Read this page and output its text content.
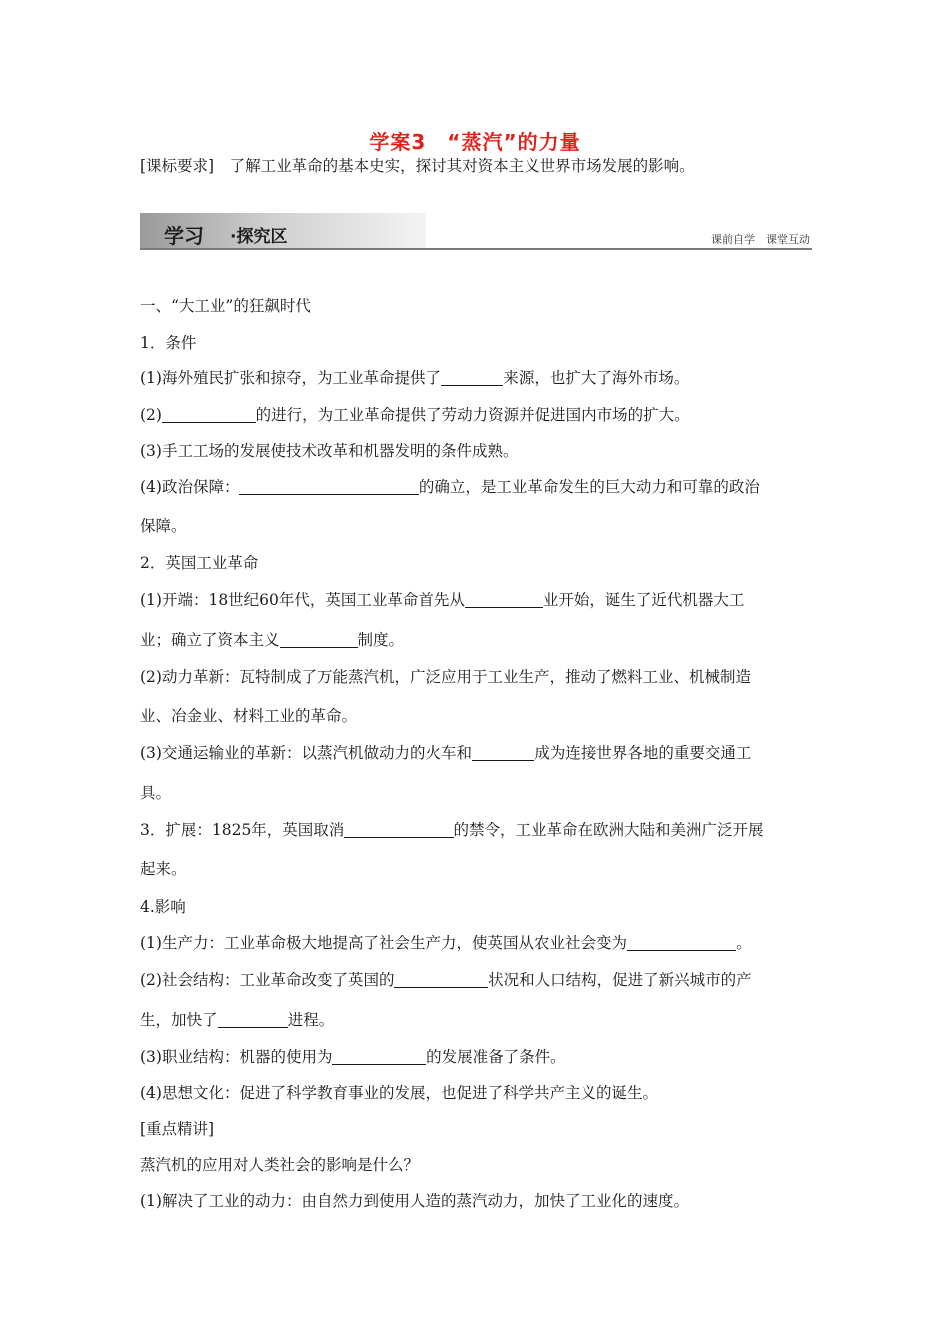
学案3　“蒸汽”的力量
[课标要求]　了解工业革命的基本史实，探讨其对资本主义世界市场发展的影响。
学习 ·探究区	课前自学　课堂互动
一、“大工业”的狂飙时代
1．条件
(1)海外殖民扩张和掠夺，为工业革命提供了	来源，也扩大了海外市场。
(2)	的进行，为工业革命提供了劳动力资源并促进国内市场的扩大。
(3)手工工场的发展使技术改革和机器发明的条件成熟。
(4)政治保障：	的确立，是工业革命发生的巨大动力和可靠的政治
保障。
2．英国工业革命
(1)开端：18世纪60年代，英国工业革命首先从	业开始，诞生了近代机器大工
业；确立了资本主义	制度。
(2)动力革新：瓦特制成了万能蒸汽机，广泛应用于工业生产，推动了燃料工业、机械制造
业、冶金业、材料工业的革命。
(3)交通运输业的革新：以蒸汽机做动力的火车和	成为连接世界各地的重要交通工
具。
3．扩展：1825年，英国取消	的禁令，工业革命在欧洲大陆和美洲广泛开展
起来。
4.影响
(1)生产力：工业革命极大地提高了社会生产力，使英国从农业社会变为	。
(2)社会结构：工业革命改变了英国的	状况和人口结构，促进了新兴城市的产
生，加快了	进程。
(3)职业结构：机器的使用为	的发展准备了条件。
(4)思想文化：促进了科学教育事业的发展，也促进了科学共产主义的诞生。
[重点精讲]
蒸汽机的应用对人类社会的影响是什么？
(1)解决了工业的动力：由自然力到使用人造的蒸汽动力，加快了工业化的速度。
